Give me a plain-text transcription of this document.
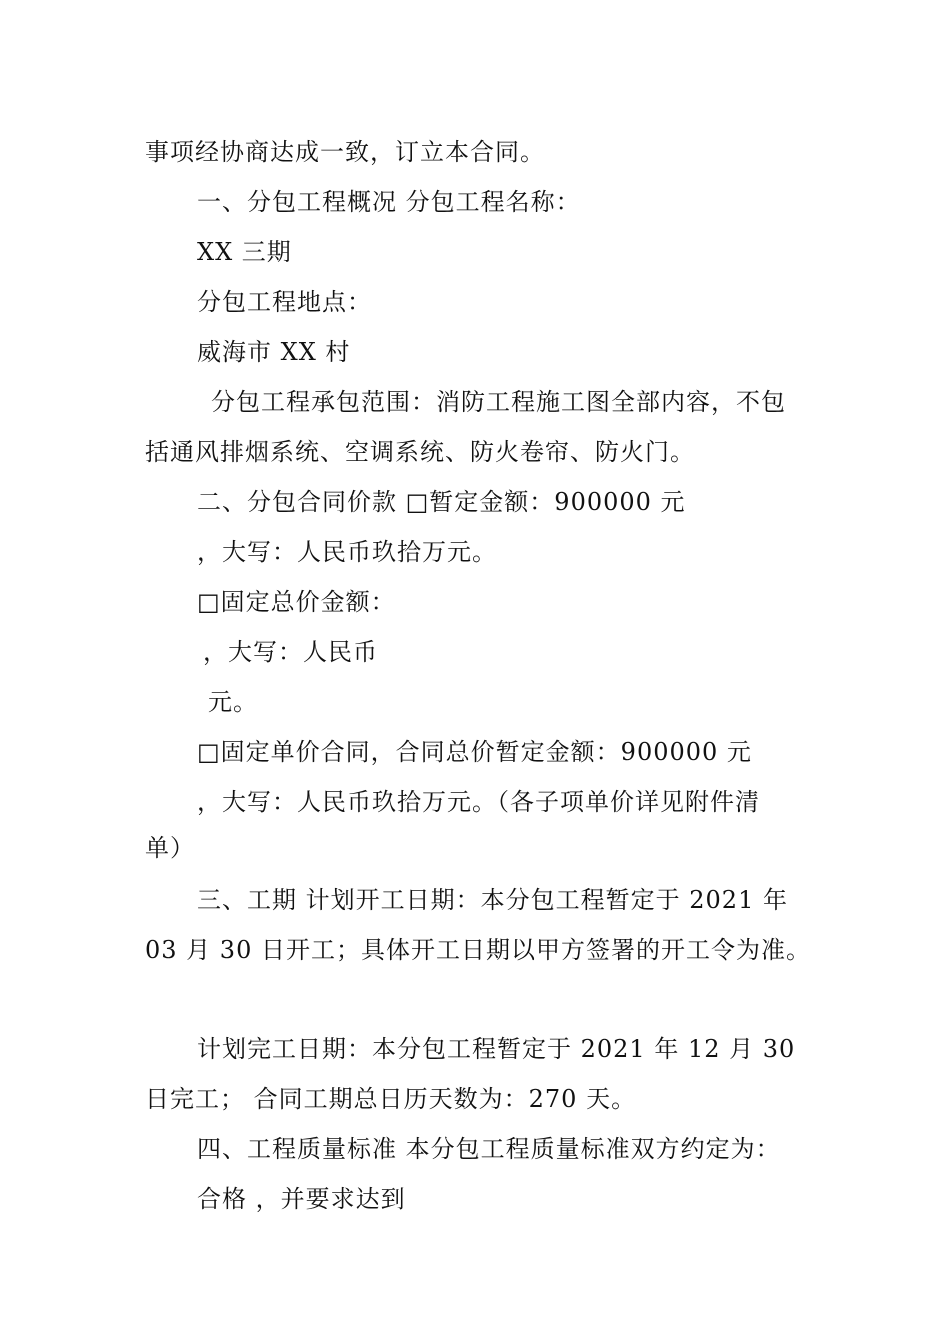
事项经协商达成一致，订立本合同。
一、分包工程概况 分包工程名称：
XX 三期
分包工程地点：
威海市 XX 村
分包工程承包范围：消防工程施工图全部内容，不包
括通风排烟系统、空调系统、防火卷帘、防火门。
二、分包合同价款 □暂定金额：900000 元
，大写：人民币玖拾万元。
□固定总价金额：
，大写：人民币
元。
□固定单价合同，合同总价暂定金额：900000 元
，大写：人民币玖拾万元。（各子项单价详见附件清
单）
三、工期 计划开工日期：本分包工程暂定于 2021 年
03 月 30 日开工；具体开工日期以甲方签署的开工令为准。
计划完工日期：本分包工程暂定于 2021 年 12 月 30
日完工； 合同工期总日历天数为：270 天。
四、工程质量标准 本分包工程质量标准双方约定为：
合格 ，并要求达到
